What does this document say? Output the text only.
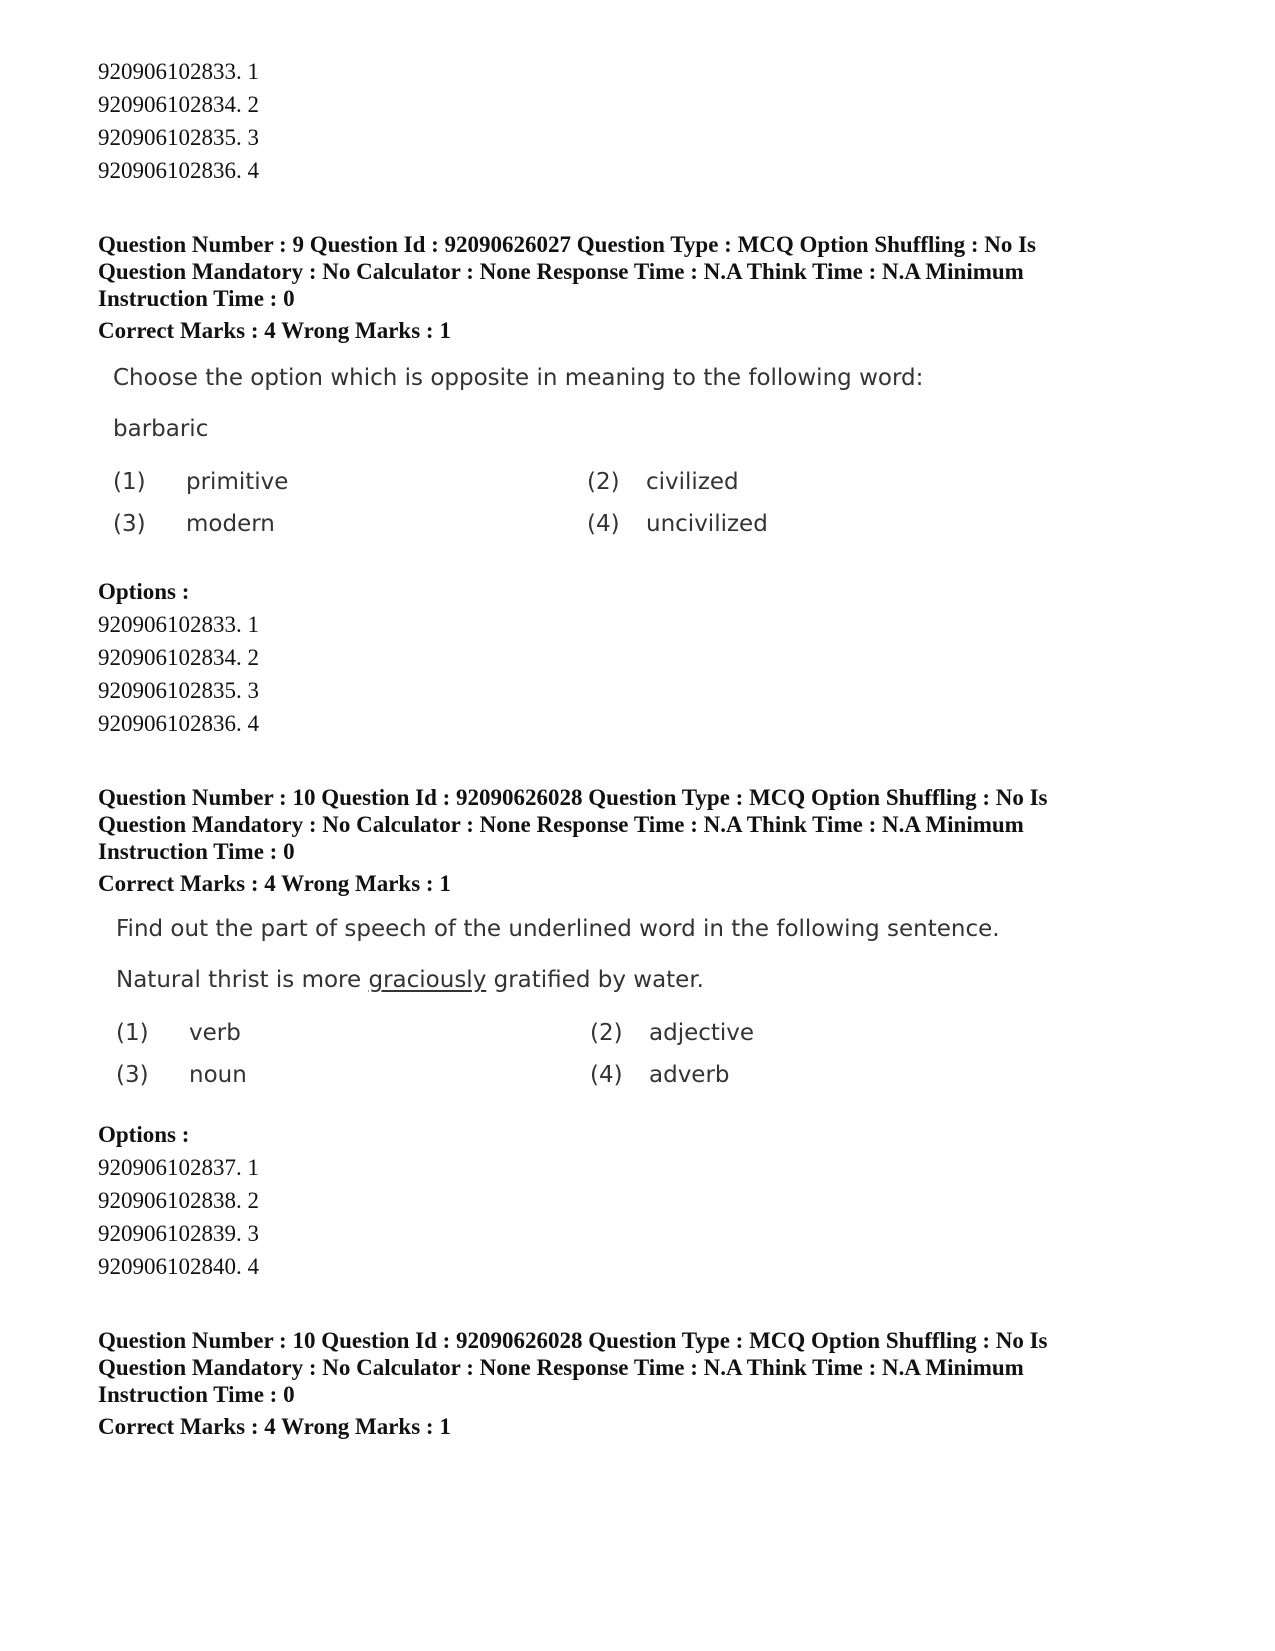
920906102833. 1

920906102834. 2

920906102835. 3

920906102836. 4

Question Number : 9 Question Id : 92090626027 Question Type : MCQ Option Shuffling : No Is

Question Mandatory : No Calculator : None Response Time : N.A Think Time : N.A Minimum

Instruction Time : 0

Correct Marks : 4 Wrong Marks : 1

Choose the option which is opposite in meaning to the following word:
barbaric
(1) primitive	(2) civilized
(3) modern	(4) uncivilized

Options :

920906102833. 1

920906102834. 2

920906102835. 3

920906102836. 4

Question Number : 10 Question Id : 92090626028 Question Type : MCQ Option Shuffling : No Is

Question Mandatory : No Calculator : None Response Time : N.A Think Time : N.A Minimum

Instruction Time : 0

Correct Marks : 4 Wrong Marks : 1

Find out the part of speech of the underlined word in the following sentence.
Natural thrist is more graciously gratified by water.
(1) verb	(2) adjective
(3) noun	(4) adverb

Options :

920906102837. 1

920906102838. 2

920906102839. 3

920906102840. 4

Question Number : 10 Question Id : 92090626028 Question Type : MCQ Option Shuffling : No Is

Question Mandatory : No Calculator : None Response Time : N.A Think Time : N.A Minimum

Instruction Time : 0

Correct Marks : 4 Wrong Marks : 1
